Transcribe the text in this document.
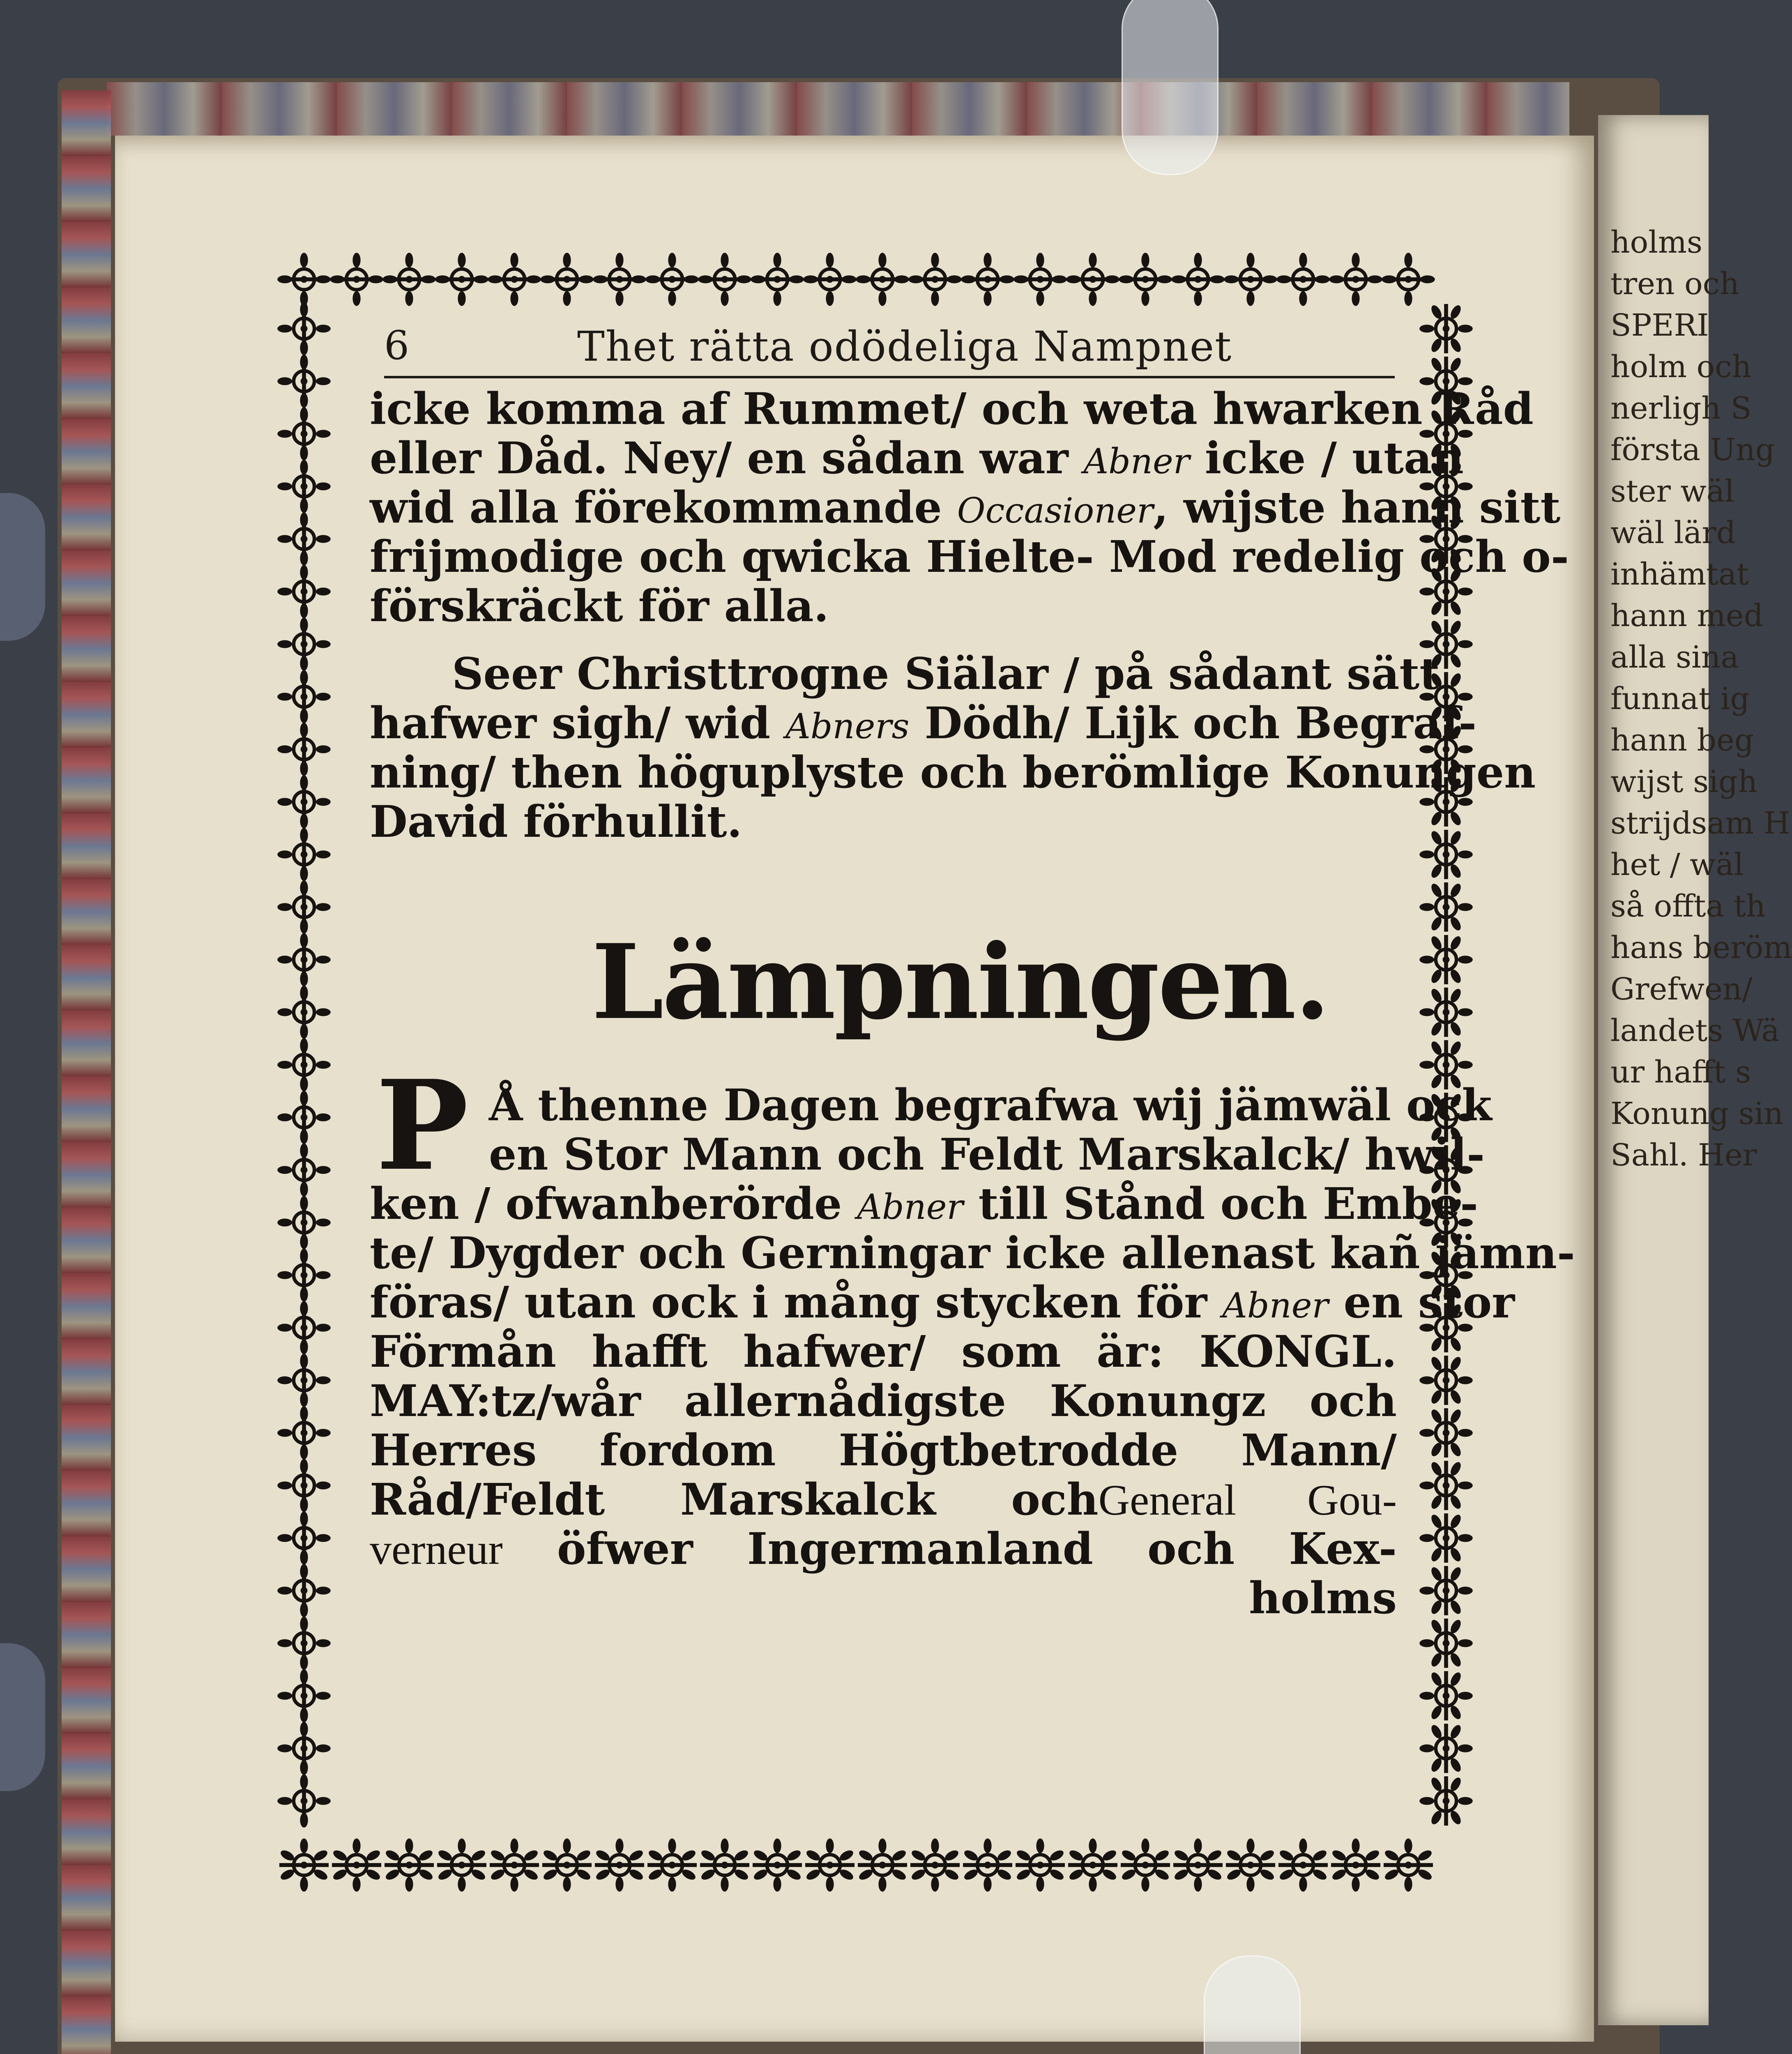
holms
tren och
SPERI
holm och
nerligh S
första Ung
ster wäl
wäl lärd
inhämtat
hann med
alla sina
funnat ig
hann beg
wijst sigh
strijdsam H
het / wäl
så offta th
hans beröm
Grefwen/
landets Wä
ur hafft s
Konung sin
Sahl. Her
6	Thet rätta odödeliga Nampnet
icke komma af Rummet/ och weta hwarken Råd
eller Dåd. Ney/ en sådan war Abner icke / utan
wid alla förekommande Occasioner, wijste hann sitt
frijmodige och qwicka Hielte- Mod redelig och o-
förskräckt för alla.
Seer Christtrogne Siälar / på sådant sätt
hafwer sigh/ wid Abners Dödh/ Lijk och Begraf-
ning/ then höguplyste och berömlige Konungen
David förhullit.
Lämpningen.
P Å thenne Dagen begrafwa wij jämwäl ock
en Stor Mann och Feldt Marskalck/ hwil-
ken / ofwanberörde Abner till Stånd och Embe-
te/ Dygder och Gerningar icke allenast kañ jämn-
föras/ utan ock i mång stycken för Abner en stor
Förmån hafft hafwer/ som är: KONGL.
MAY:tz/wår allernådigste Konungz och
Herres fordom Högtbetrodde Mann/
Råd/Feldt Marskalck ochGeneral Gou-
verneur öfwer Ingermanland och Kex-
holms
